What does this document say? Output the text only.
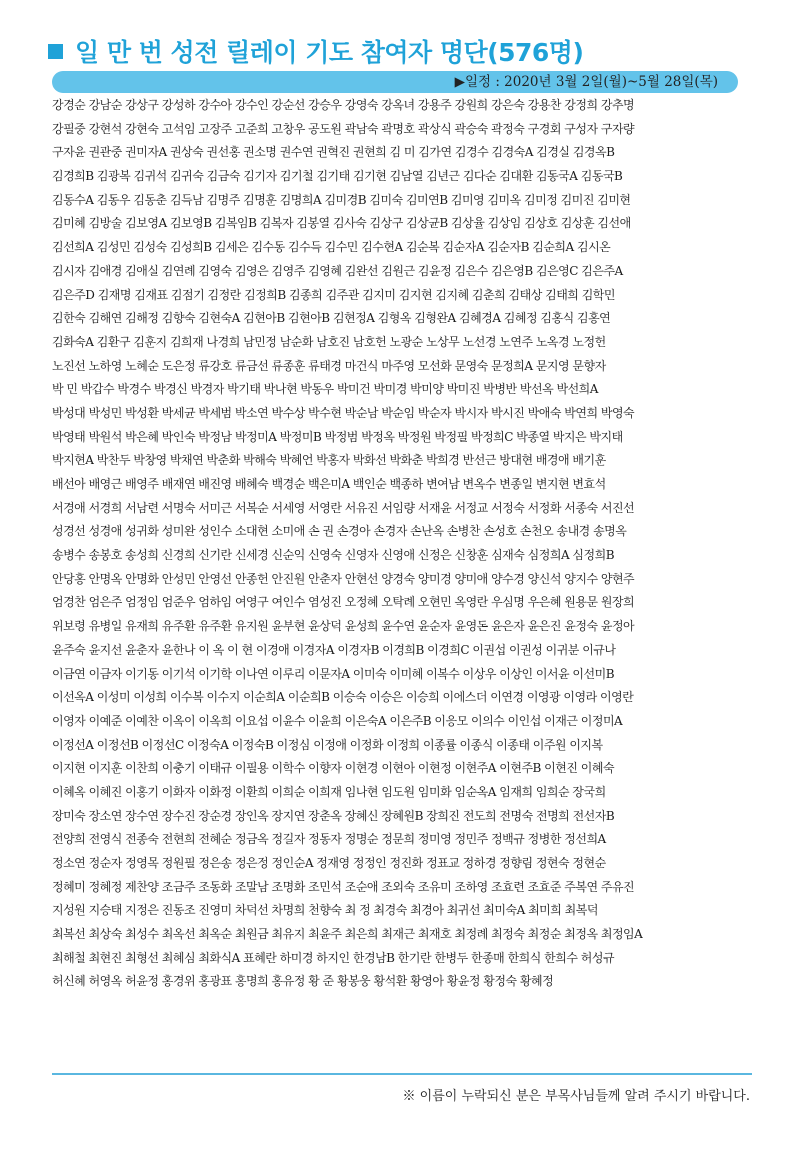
일 만 번 성전 릴레이 기도 참여자 명단(576명)
▶일정 : 2020년 3월 2일(월)~5월 28일(목)
강경순 강남순 강상구 강성하 강수아 강수인 강순선 강승우 강영숙 강옥녀 강용주 강원희 강은숙 강용찬 강정희 강추명
강필중 강현석 강현숙 고석임 고장주 고준희 고창우 공도원 곽남숙 곽명호 곽상식 곽승숙 곽정숙 구경회 구성자 구자량
구자윤 권관중 권미자A 권상숙 권선홍 권소명 권수연 권혁진 권현희 김 미 김가연 김경수 김경숙A 김경실 김경옥B
김경희B 김광복 김귀석 김귀숙 김금숙 김기자 김기철 김기태 김기현 김남열 김년근 김다순 김대환 김동국A 김동국B
김동수A 김동우 김동춘 김득남 김명주 김명훈 김명희A 김미경B 김미숙 김미연B 김미영 김미옥 김미정 김미진 김미현
김미혜 김방술 김보영A 김보영B 김복임B 김복자 김봉열 김사숙 김상구 김상균B 김상율 김상임 김상호 김상훈 김선애
김선희A 김성민 김성숙 김성희B 김세은 김수동 김수득 김수민 김수현A 김순복 김순자A 김순자B 김순희A 김시온
김시자 김애경 김애실 김연례 김영숙 김영은 김영주 김영혜 김완선 김원근 김윤정 김은수 김은영B 김은영C 김은주A
김은주D 김재명 김재표 김점기 김정란 김정희B 김종희 김주관 김지미 김지현 김지혜 김춘희 김태상 김태희 김학민
김한숙 김해연 김해정 김향숙 김현숙A 김현아B 김현아B 김현정A 김형옥 김형완A 김혜경A 김혜정 김홍식 김홍연
김화숙A 김환구 김훈지 김희재 나경희 남민정 남순화 남호진 남호헌 노광순 노상무 노선경 노연주 노옥경 노정헌
노진선 노하영 노혜순 도은정 류강호 류금선 류종훈 류태경 마건식 마주영 모선화 문영숙 문정희A 문지영 문향자
박 민 박갑수 박경수 박경신 박경자 박기태 박나현 박동우 박미건 박미경 박미양 박미진 박병반 박선옥 박선희A
박성대 박성민 박성환 박세균 박세범 박소연 박수상 박수현 박순남 박순임 박순자 박시자 박시진 박애숙 박연희 박영숙
박영태 박원석 박은혜 박인숙 박정남 박정미A 박정미B 박정범 박정옥 박정원 박정필 박정희C 박종열 박지은 박지태
박지현A 박찬두 박창영 박채연 박춘화 박해숙 박혜언 박홍자 박화선 박화춘 박희경 반선근 방대현 배경애 배기훈
배선아 배영근 배영주 배재연 배진영 배혜숙 백경순 백은미A 백인순 백종하 변여남 변옥수 변종일 변지현 변효석
서경애 서경희 서남련 서명숙 서미근 서복순 서세영 서영란 서유진 서임량 서재윤 서정교 서정숙 서정화 서종숙 서진선
성경선 성경애 성귀화 성미완 성인수 소대현 소미애 손 권 손경아 손경자 손난옥 손병찬 손성호 손천오 송내경 송명옥
송병수 송봉호 송성희 신경희 신기란 신세경 신순익 신영숙 신영자 신영애 신정은 신창훈 심재숙 심정희A 심정희B
안당홍 안명옥 안명화 안성민 안영선 안종헌 안진원 안춘자 안현선 양경숙 양미경 양미애 양수경 양신석 양지수 양현주
엄경찬 엄은주 엄정임 엄준우 엄하임 여영구 여인수 염성진 오정혜 오탁례 오현민 옥영란 우심명 우은혜 원용문 원장희
위보령 유병일 유재희 유주환 유주환 유지원 윤부현 윤상덕 윤성희 윤수연 윤순자 윤영돈 윤은자 윤은진 윤정숙 윤정아
윤주숙 윤지선 윤춘자 윤한나 이 옥 이 현 이경애 이경자A 이경자B 이경희B 이경희C 이권섭 이권성 이귀분 이규나
이금연 이금자 이기동 이기석 이기학 이나연 이루리 이문자A 이미숙 이미혜 이복수 이상우 이상인 이서윤 이선미B
이선옥A 이성미 이성희 이수복 이수지 이순희A 이순희B 이승숙 이승은 이승희 이에스더 이연경 이영광 이영라 이영란
이영자 이예준 이예찬 이옥이 이옥희 이요섭 이윤수 이윤희 이은숙A 이은주B 이응모 이의수 이인섭 이재근 이정미A
이정선A 이정선B 이정선C 이정숙A 이정숙B 이정심 이정애 이정화 이정희 이종률 이종식 이종태 이주원 이지복
이지현 이지훈 이찬희 이충기 이태규 이필용 이학수 이향자 이현경 이현아 이현정 이현주A 이현주B 이현진 이혜숙
이혜옥 이혜진 이홍기 이화자 이화정 이환희 이희순 이희재 임나현 임도원 임미화 임순옥A 임재희 임희순 장국희
장미숙 장소연 장수연 장수진 장순경 장인옥 장지연 장춘옥 장혜신 장혜원B 장희진 전도희 전명숙 전명희 전선자B
전양희 전영식 전종숙 전현희 전혜순 정금옥 정길자 정동자 정명순 정문희 정미영 정민주 정백규 정병한 정선희A
정소연 정순자 정영목 정원필 정은송 정은정 정인순A 정재영 정정인 정진화 정표교 정하경 정향림 정현숙 정현순
정혜미 정혜정 제찬양 조금주 조동화 조말남 조명화 조민석 조순애 조외숙 조유미 조하영 조효련 조효준 주복연 주유진
지성원 지승태 지정은 진동조 진영미 차덕선 차명희 천향숙 최 정 최경숙 최경아 최귀선 최미숙A 최미희 최복덕
최복선 최상숙 최성수 최옥선 최옥순 최원금 최유지 최윤주 최은희 최재근 최재호 최정례 최정숙 최정순 최정옥 최정임A
최해철 최현진 최형선 최혜심 최화식A 표혜란 하미경 하지인 한경남B 한기란 한병두 한종매 한희식 한희수 허성규
허신혜 허영옥 허윤정 홍경위 홍광표 홍명희 홍유정 황 준 황봉웅 황석환 황영아 황윤정 황정숙 황혜정
※ 이름이 누락되신 분은 부목사님들께 알려 주시기 바랍니다.
